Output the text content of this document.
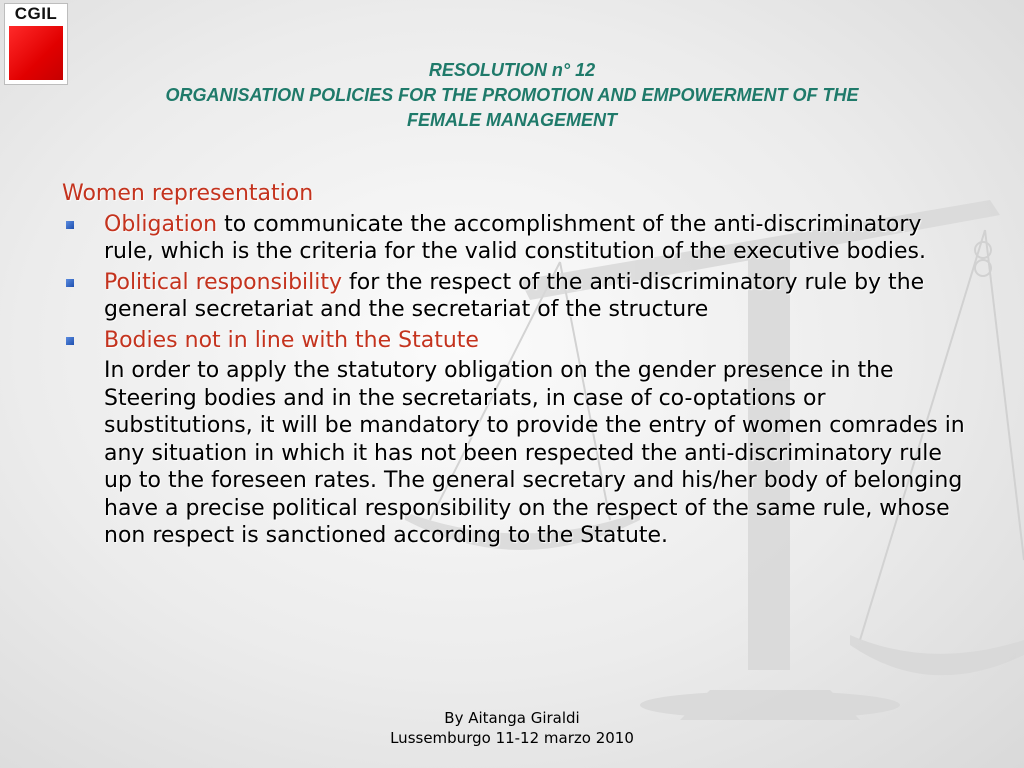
CGIL
RESOLUTION n° 12
ORGANISATION POLICIES FOR THE PROMOTION AND EMPOWERMENT OF THE
FEMALE MANAGEMENT
Women representation
Obligation to communicate the accomplishment of the anti-discriminatory rule, which is the criteria for the valid constitution of the executive bodies.
Political responsibility for the respect of the anti-discriminatory rule by the general secretariat and the secretariat of the structure
Bodies not in line with the Statute
In order to apply the statutory obligation on the gender presence in the Steering bodies and in the secretariats, in case of co-optations or substitutions, it will be mandatory to provide the entry of women comrades in any situation in which it has not been respected the anti-discriminatory rule up to the foreseen rates. The general secretary and his/her body of belonging have a precise political responsibility on the respect of the same rule, whose non respect is sanctioned according to the Statute.
By Aitanga Giraldi
Lussemburgo 11-12 marzo 2010
